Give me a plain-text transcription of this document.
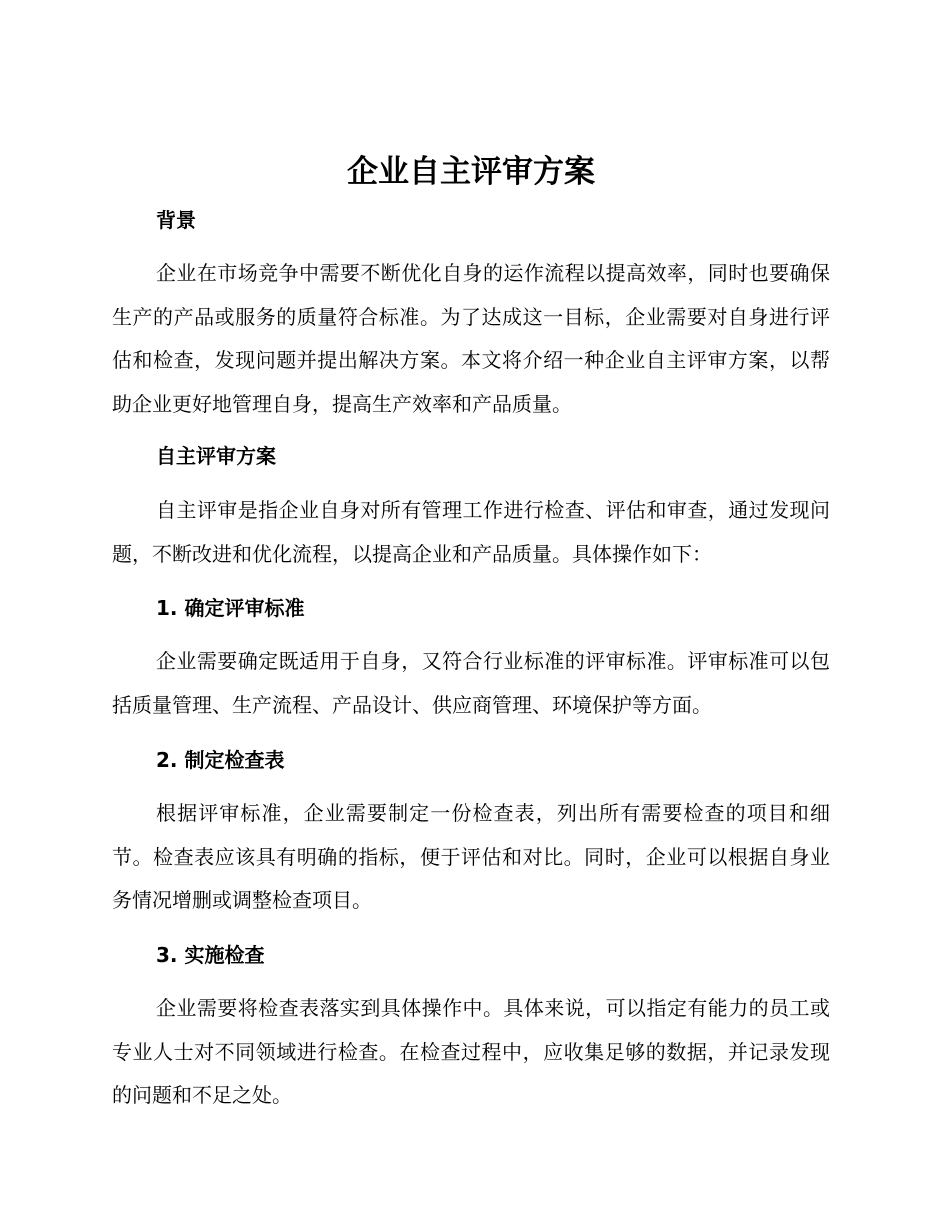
企业自主评审方案
背景

企业在市场竞争中需要不断优化自身的运作流程以提高效率，同时也要确保生产的产品或服务的质量符合标准。为了达成这一目标，企业需要对自身进行评估和检查，发现问题并提出解决方案。本文将介绍一种企业自主评审方案，以帮助企业更好地管理自身，提高生产效率和产品质量。

自主评审方案

自主评审是指企业自身对所有管理工作进行检查、评估和审查，通过发现问题，不断改进和优化流程，以提高企业和产品质量。具体操作如下：

1. 确定评审标准

企业需要确定既适用于自身，又符合行业标准的评审标准。评审标准可以包括质量管理、生产流程、产品设计、供应商管理、环境保护等方面。

2. 制定检查表

根据评审标准，企业需要制定一份检查表，列出所有需要检查的项目和细节。检查表应该具有明确的指标，便于评估和对比。同时，企业可以根据自身业务情况增删或调整检查项目。

3. 实施检查

企业需要将检查表落实到具体操作中。具体来说，可以指定有能力的员工或专业人士对不同领域进行检查。在检查过程中，应收集足够的数据，并记录发现的问题和不足之处。
